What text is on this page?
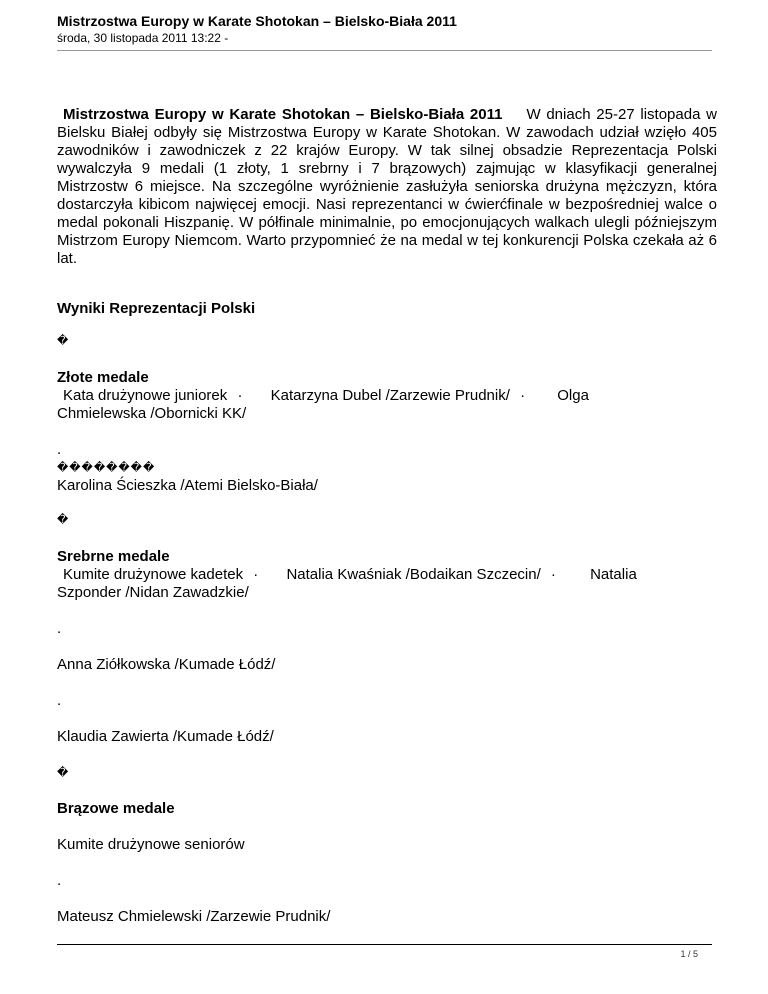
Mistrzostwa Europy w Karate Shotokan – Bielsko-Biała 2011
środa, 30 listopada 2011 13:22 -

Mistrzostwa Europy w Karate Shotokan – Bielsko-Biała 2011 W dniach 25-27 listopada w Bielsku Białej odbyły się Mistrzostwa Europy w Karate Shotokan. W zawodach udział wzięło 405 zawodników i zawodniczek z 22 krajów Europy. W tak silnej obsadzie Reprezentacja Polski wywalczyła 9 medali (1 złoty, 1 srebrny i 7 brązowych) zajmując w klasyfikacji generalnej Mistrzostw 6 miejsce. Na szczególne wyróżnienie zasłużyła seniorska drużyna mężczyzn, która dostarczyła kibicom najwięcej emocji. Nasi reprezentanci w ćwierćfinale w bezpośredniej walce o medal pokonali Hiszpanię. W półfinale minimalnie, po emocjonujących walkach ulegli późniejszym Mistrzom Europy Niemcom. Warto przypomnieć że na medal w tej konkurencji Polska czekała aż 6 lat.

Wyniki Reprezentacji Polski

�
Złote medale
Kata drużynowe juniorek · Katarzyna Dubel /Zarzewie Prudnik/ · Olga
Chmielewska /Obornicki KK/
.
��������
Karolina Ścieszka /Atemi Bielsko-Biała/
�
Srebrne medale
Kumite drużynowe kadetek · Natalia Kwaśniak /Bodaikan Szczecin/ · Natalia
Szponder /Nidan Zawadzkie/
.
Anna Ziółkowska /Kumade Łódź/
.
Klaudia Zawierta /Kumade Łódź/
�
Brązowe medale
Kumite drużynowe seniorów
.
Mateusz Chmielewski /Zarzewie Prudnik/
1 / 5
